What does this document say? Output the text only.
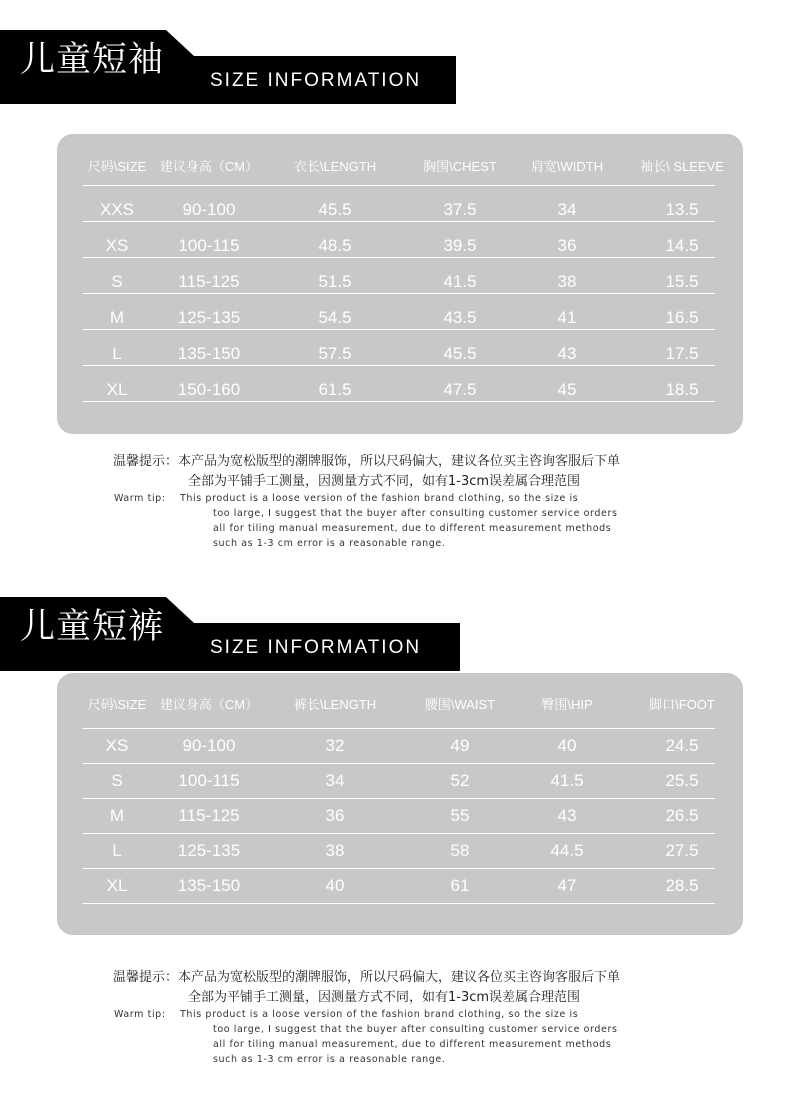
儿童短袖
SIZE INFORMATION
尺码\SIZE 建议身高（CM）	衣长\LENGTH	胸围\CHEST	肩宽\WIDTH	袖长\ SLEEVE
XXS	90-100	45.5	37.5	34	13.5
XS	100-115	48.5	39.5	36	14.5
S	115-125	51.5	41.5	38	15.5
M	125-135	54.5	43.5	41	16.5
L	135-150	57.5	45.5	43	17.5
XL	150-160	61.5	47.5	45	18.5
温馨提示：本产品为宽松版型的潮牌服饰，所以尺码偏大，建议各位买主咨询客服后下单
全部为平铺手工测量，因测量方式不同，如有1-3cm误差属合理范围
Warm tip: This product is a loose version of the fashion brand clothing, so the size is
too large, I suggest that the buyer after consulting customer service orders
all for tiling manual measurement, due to different measurement methods
such as 1-3 cm error is a reasonable range.
儿童短裤
SIZE INFORMATION
尺码\SIZE 建议身高（CM）	裤长\LENGTH	腰围\WAIST	臀围\HIP	脚口\FOOT
XS	90-100	32	49	40	24.5
S	100-115	34	52	41.5	25.5
M	115-125	36	55	43	26.5
L	125-135	38	58	44.5	27.5
XL	135-150	40	61	47	28.5
温馨提示：本产品为宽松版型的潮牌服饰，所以尺码偏大，建议各位买主咨询客服后下单
全部为平铺手工测量，因测量方式不同，如有1-3cm误差属合理范围
Warm tip: This product is a loose version of the fashion brand clothing, so the size is
too large, I suggest that the buyer after consulting customer service orders
all for tiling manual measurement, due to different measurement methods
such as 1-3 cm error is a reasonable range.
